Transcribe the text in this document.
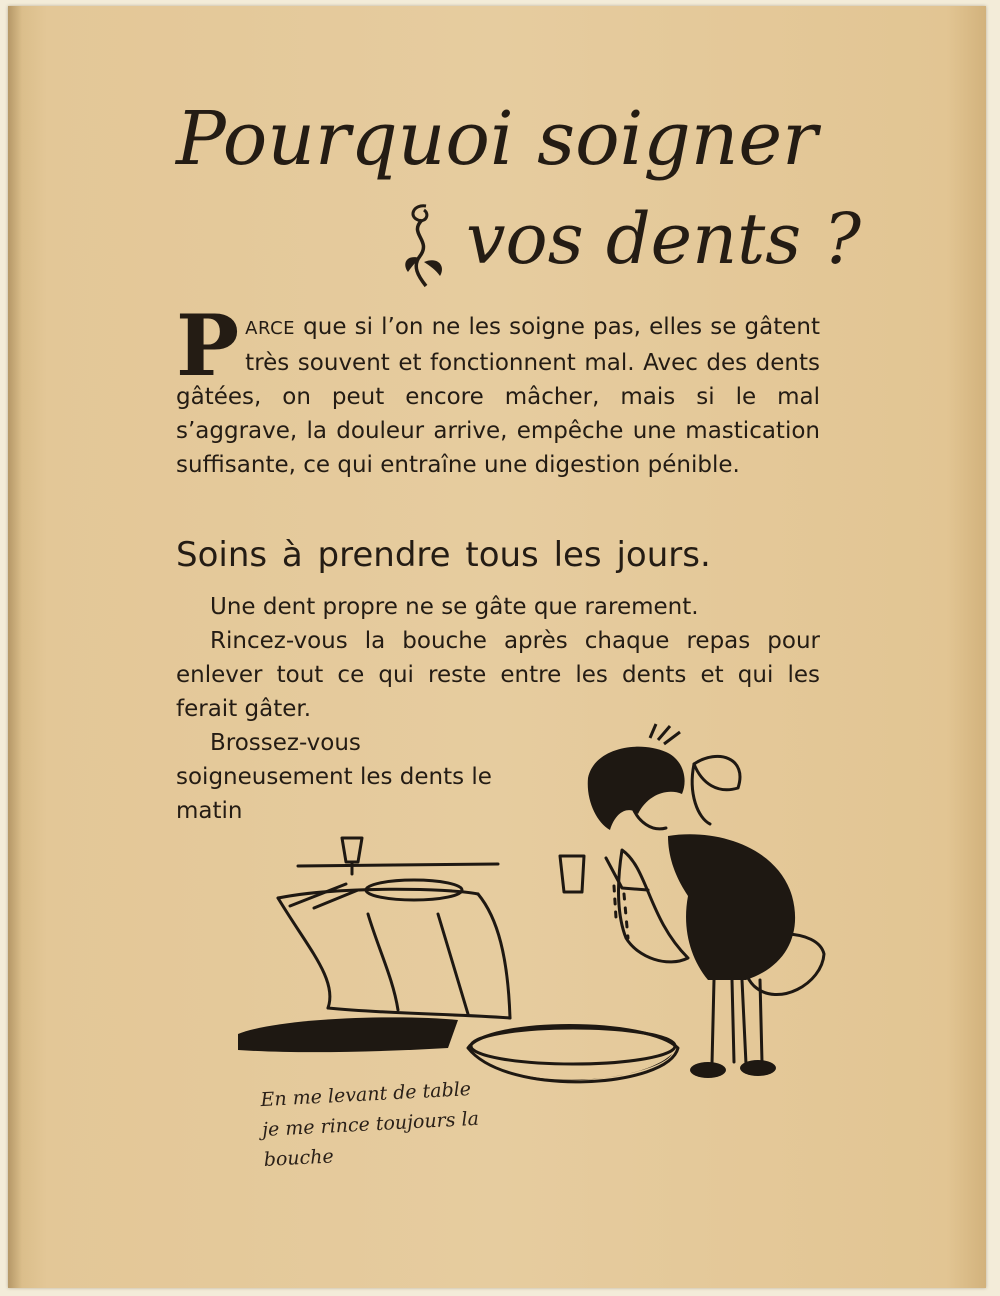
Pourquoi soigner
vos dents ?
PARCE que si l’on ne les soigne pas, elles se gâtent très souvent et fonctionnent mal. Avec des dents gâtées, on peut encore mâcher, mais si le mal s’aggrave, la douleur arrive, empêche une mastication suffisante, ce qui entraîne une digestion pénible.
Soins à prendre tous les jours.

Une dent propre ne se gâte que rarement.

Rincez-vous la bouche après chaque repas pour enlever tout ce qui reste entre les dents et qui les ferait gâter.

Brossez-vous soigneusement les dents le matin

En me levant de table
je me rince toujours la bouche
